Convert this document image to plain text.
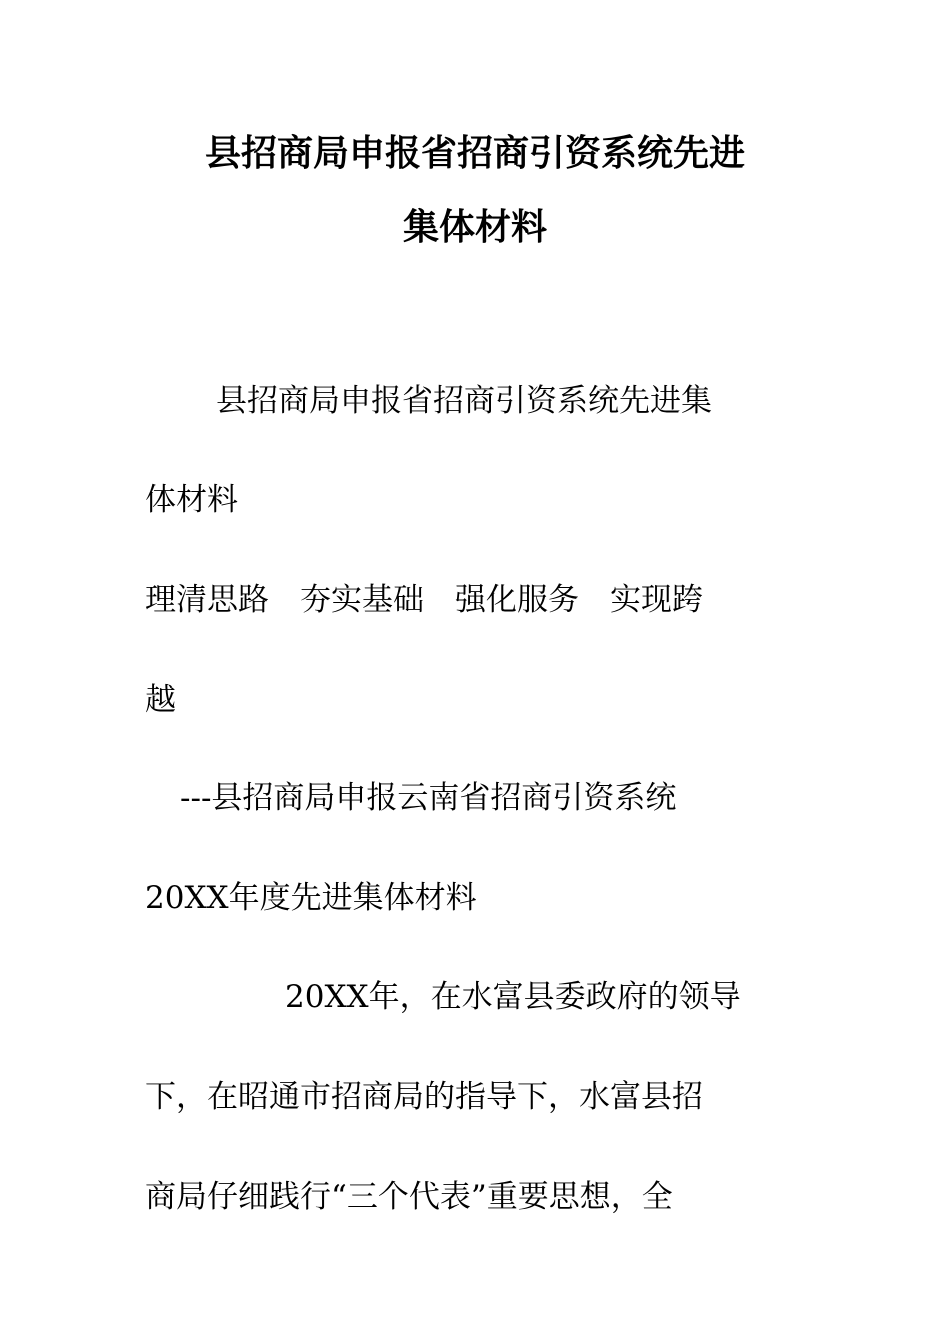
县招商局申报省招商引资系统先进
集体材料
县招商局申报省招商引资系统先进集
体材料
理清思路　夯实基础　强化服务　实现跨
越
---县招商局申报云南省招商引资系统
20XX年度先进集体材料
20XX年，在水富县委政府的领导
下，在昭通市招商局的指导下，水富县招
商局仔细践行“三个代表”重要思想，全
